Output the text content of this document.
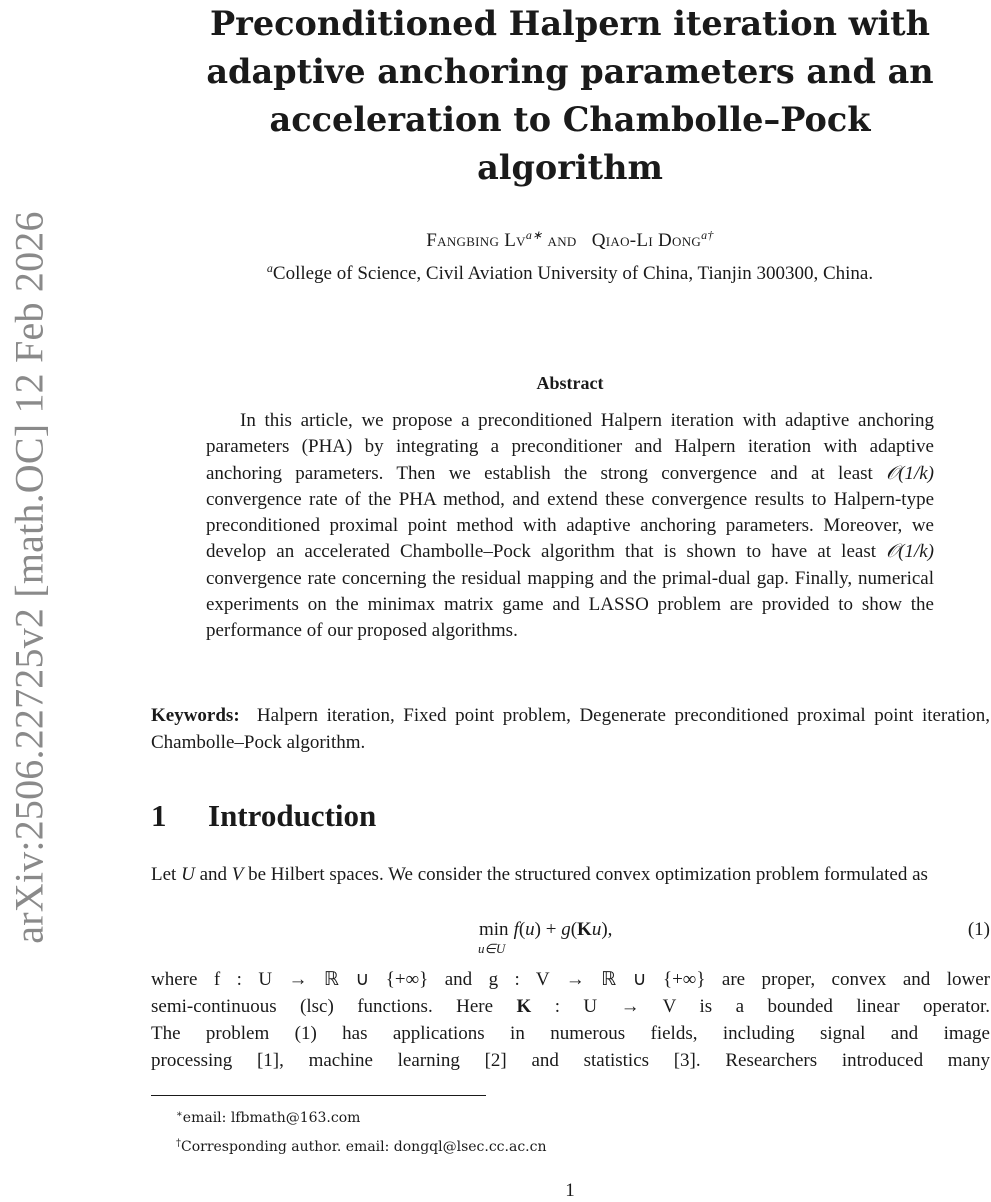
arXiv:2506.22725v2 [math.OC] 12 Feb 2026
Preconditioned Halpern iteration with
adaptive anchoring parameters and an
acceleration to Chambolle–Pock
algorithm
Fangbing $Lv^{a∗}$ and Qiao-Li Dong$^{a\dagger}$
$^a$College of Science, Civil Aviation University of China, Tianjin 300300, China.
Abstract

In this article, we propose a preconditioned Halpern iteration with adaptive anchoring parameters (PHA) by integrating a preconditioner and Halpern iteration with adaptive anchoring parameters. Then we establish the strong convergence and at least 𝒪(1/k) convergence rate of the PHA method, and extend these convergence results to Halpern-type preconditioned proximal point method with adaptive anchoring parameters. Moreover, we develop an accelerated Chambolle–Pock algorithm that is shown to have at least 𝒪(1/k) convergence rate concerning the residual mapping and the primal-dual gap. Finally, numerical experiments on the minimax matrix game and LASSO problem are provided to show the performance of our proposed algorithms.

Keywords: Halpern iteration, Fixed point problem, Degenerate preconditioned proximal point iteration, Chambolle–Pock algorithm.
1 Introduction

Let U and V be Hilbert spaces. We consider the structured convex optimization problem formulated as

min
u∈U
f(u) + g(Ku),	(1)

where f : U → ℝ ∪ {+∞} and g : V → ℝ ∪ {+∞} are proper, convex and lower

semi-continuous (lsc) functions. Here K : U → V is a bounded linear operator.

The problem (1) has applications in numerous fields, including signal and image

processing [1], machine learning [2] and statistics [3]. Researchers introduced many

∗email: lfbmath@163.com
†Corresponding author. email: dongql@lsec.cc.ac.cn
1
